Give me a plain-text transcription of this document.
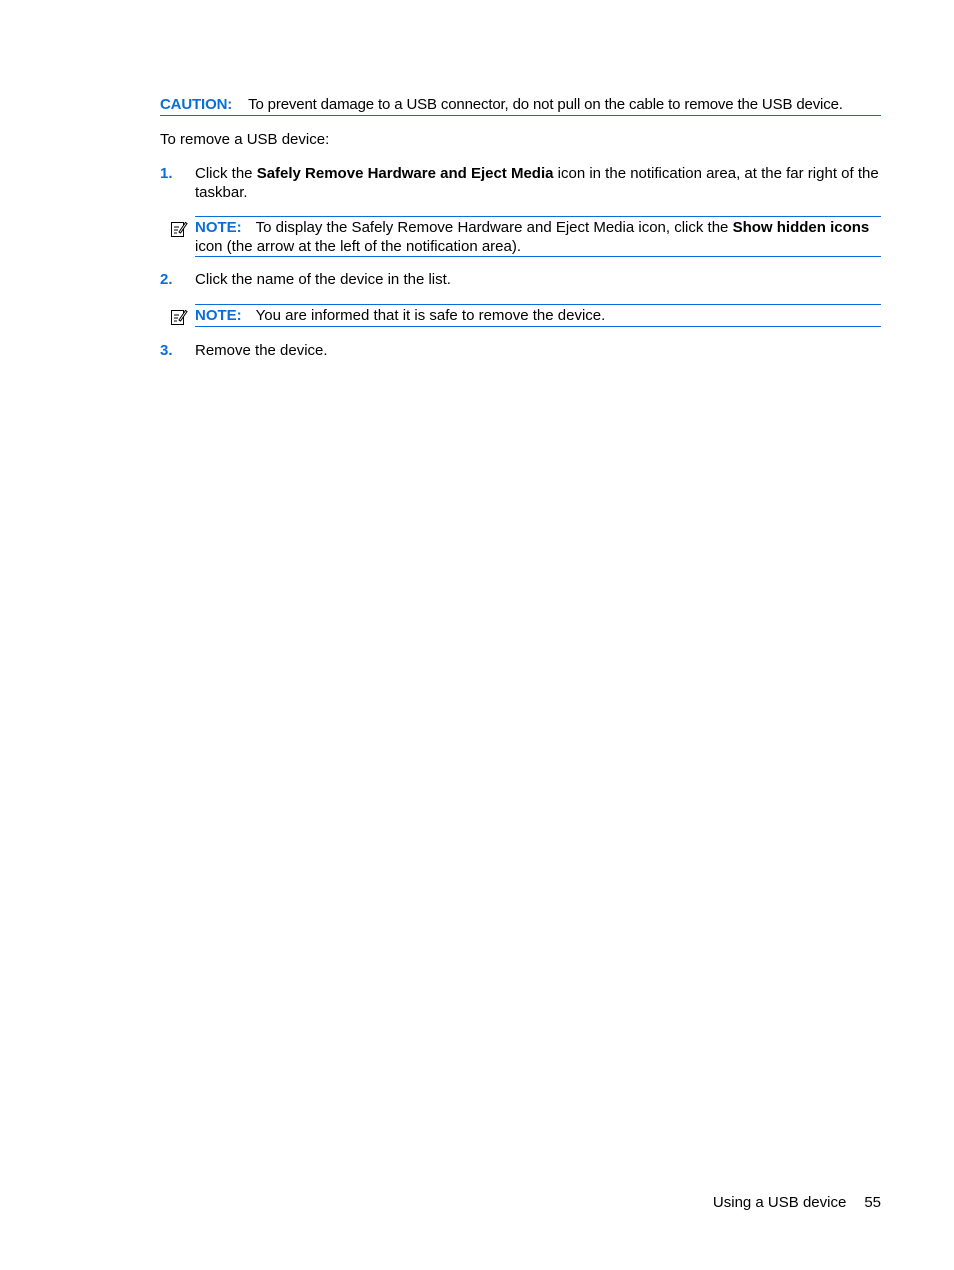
CAUTION: To prevent damage to a USB connector, do not pull on the cable to remove the USB device.
To remove a USB device:
1. Click the Safely Remove Hardware and Eject Media icon in the notification area, at the far right of the taskbar.
NOTE: To display the Safely Remove Hardware and Eject Media icon, click the Show hidden icons icon (the arrow at the left of the notification area).
2. Click the name of the device in the list.
NOTE: You are informed that it is safe to remove the device.
3. Remove the device.
Using a USB device 55
